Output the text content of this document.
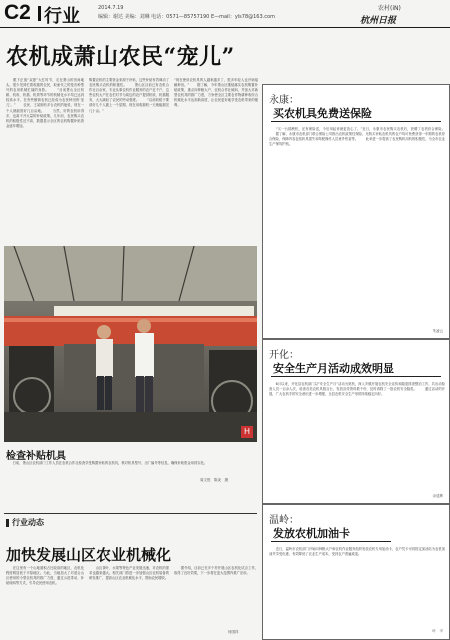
C2 行业	2014.7.19
编辑：谢达 美编：刘琳 电话：0571—85757190 E—mail：yls78@163.com
农村(iN)
杭州日报
农机成萧山农民“宠儿”
　　眼下正值“双夏”大忙时节，走在萧山的田间地头，很少见到忙着收割的农民，取而代之的是各种型号的农用机械忙碌的身影。 　　“目前萧山全区机耕、机收、机插、机烘等环节的机械化水平均已达到较高水平，在有些镇街农机已经成为农民种田的‘宠儿’。” 　　农民、王某拥有多台农机的他说，现在一个人就能管好几百亩地。 　　当然，好的农机用得多，也离不开大量的补贴政策。几年前，农民购买农机的积极性还不高，数据显示全区的农机购置补贴资金逐年增加。
购置农机的主要资金来源于补贴，这些补贴有效调动了农民购买农机的积极性。 　　萧山区目前已有农机合作社百余家，专业从事农机作业服务的农户近千户，这些农机大户在农忙时节为周边的农户提供机收、机插服务，大大减轻了农民的劳动强度。 　　“以前收稻子要请好几个人割上一个星期，现在用收割机一天就能割完几十亩。”
“现在使用农机具的人越来越多了，很多年轻人也开始接触种田。” 　　据了解，今年萧山区继续落实农机购置补贴政策，重点向种粮大户、农机合作社倾斜，并加大对新型农机具的推广力度，力争使全区主要农作物耕种收综合机械化水平达到新高度，让农民更好地享受农机带来的便利。
H
检查补贴机具
　　日前，萧山区农机部门工作人员在农机合作社检查享受购置补贴的农机具，核对机具型号、出厂编号等信息，确保补贴资金用到实处。
周文悦　陈炎　摄
行业动态
加快发展山区农业机械化
　　在这里有一个山地面积占比较高的地区，农机化程度明显低于平原地区。为此，当地加大了对适合山区使用的小型农机具的推广力度，通过示范带动、补贴倾斜等方式，引导农民使用农机。
　　山区茶叶、水果等特色产业发展迅速，对农机的需求也越来越大。相关部门将进一步加强山区农机装备的研发推广，提高山区农业机械化水平，帮助农民增收。
　　据介绍，目前已在多个村开展山区农机化试点工作，取得了良好效果，下一步将在更大范围内推广应用。
何国祥
永康：
买农机具免费送保险
　　“买一台插秧机，还有保险送，今后用起来就更放心了。”近日，永康市农民购买农机后，获赠了农机综合保险。 　　据了解，永康市农机部门联合保险公司推出农机政策性保险，凡购买补贴农机具的农户均可免费获得一年期的农机综合保险，保障内容包括机具损失和驾驶操作人员意外伤害等。 　　此举进一步提高了农民购机用机的积极性，为全市农业生产保驾护航。
朱凌云
开化：
安全生产月活动成效明显
　　6月以来，开化县农机部门以“安全生产月”活动为契机，深入乡镇开展农机安全宣传和隐患排查整治工作，共出动检查人员一百余人次，检查各类农机具数百台，发放宣传资料数千份，及时消除了一批农机安全隐患。 　　通过活动的开展，广大农机手的安全意识进一步增强，全县农机安全生产形势持续稳定向好。
余显辉
温岭：
发放农机加油卡
　　近日，温岭市农机部门开始向种粮大户和农机作业服务组织发放农机专用加油卡，农户凭卡可到指定加油站为农机加油并享受优惠，有效降低了农业生产成本，受到农户普遍欢迎。
叶　平
